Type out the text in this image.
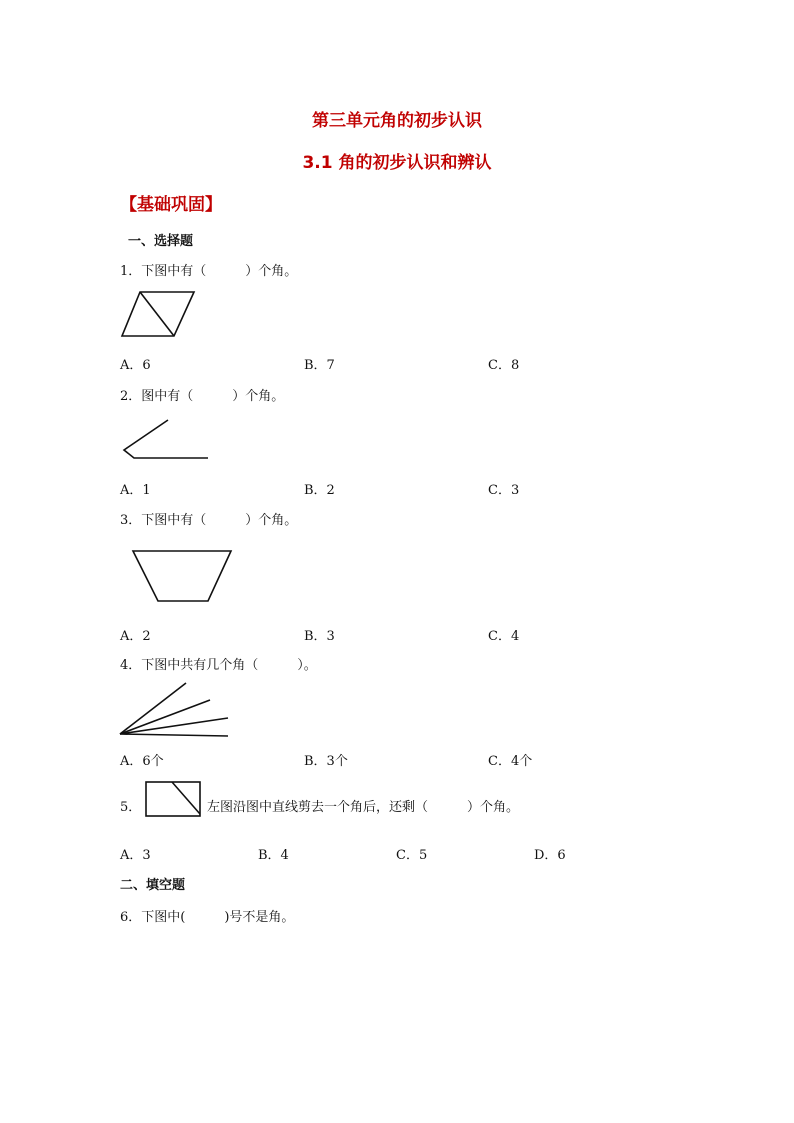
第三单元角的初步认识
3.1 角的初步认识和辨认
【基础巩固】
一、选择题
1．下图中有（　　　）个角。
A．6	B．7	C．8
2．图中有（　　　）个角。
A．1	B．2	C．3
3．下图中有（　　　）个角。
A．2	B．3	C．4
4．下图中共有几个角（　　　）。
A．6个	B．3个	C．4个
5．	左图沿图中直线剪去一个角后，还剩（　　　）个角。
A．3	B．4	C．5	D．6
二、填空题
6．下图中(　　　)号不是角。
